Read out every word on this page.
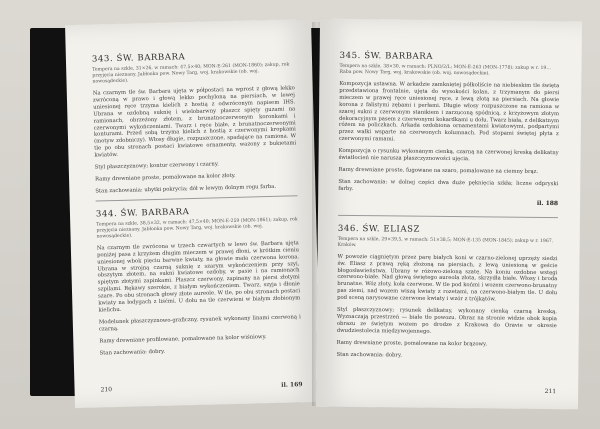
343. ŚW. BARBARA
Tempera na szkle, 31×26, w ramach: 47,5×40; MON-E-261 (MON-1860); zakup, rok przyjęcia nieznany. Jabłonka pow. Nowy Targ, woj. krakowskie (ob. woj. nowosądeckie).
Na czarnym tle św. Barbara ujęta w półpostaci na wprost z głową lekko zwróconą w prawo i głową lekko pochyloną na piersiach, w lewej uniesionej ręce trzyma kielich z hostią z odwróconym napisem IHS. Ubrana w ozdobną suknię i wielobarwny płaszcz spięty guzami na ramionach, obrzeżony złotem, z brunatnoczerwonym koronkami i czerwonymi wykończeniami. Twarz i ręce białe, z brunatnoczerwonymi konturami. Przed sobą trzyma kielich z hostią z czerwonymi kropkami (motyw zdobniczy). Włosy długie, rozpuszczone, spadające na ramiona. W tle po obu stronach postaci kwiatowe ornamenty, wazony z bukietami kwiatów.
Styl płaszczyznowy; kontur czerwony i czarny.
Ramy drewniane proste, pomalowane na kolor złoty.
Stan zachowania: ubytki pokrycia; dół w lewym dolnym rogu farba.
344. ŚW. BARBARA
Tempera na szkle, 38,5×32, w ramach: 47,5×40; MON-E-259 (MON-1861); zakup, rok przyjęcia nieznany. Jabłonka pow. Nowy Targ, woj. krakowskie (ob. woj. nowosądeckie).
Na czarnym tle zwrócona w trzech czwartych w lewo św. Barbara ujęta poniżej pasa z krzyżem długim mieczem w prawej dłoni, w krótkim cieniu uniesionej wbok pięciu barwne kwiaty, na głowie mała czerwona korona. Ubrana w strojną czarną suknię z szarym wykończeniem przy szyi, obszytym złotem, na sukni kwiatowe ozdoby, w pasie i na ramionach spiętym złotymi zapinkami. Płaszcz czerwony, zapinany na piersi złotymi szpilami. Rękawy szerokie, z białym wykończeniem. Twarz, szyja i dłonie szare. Po obu stronach głowy złote aureole. W tle, po obu stronach postaci kwiaty na łodygach z liśćmi. U dołu na tle czerwieni w białym żłobionym kielichu.
Modelunek płaszczyznowo-graficzny, rysunek wykonany linami czerwoną i czarną.
Ramy drewniane profilowane, pomalowane na kolor wiśniowy.
Stan zachowania: dobry.
210
il. 169
345. ŚW. BARBARA
Tempera na szkle, 38×30, w ramach: PLNO/2/L; MON-E-263 (MON-1778); zakup w r. 19… Raba pow. Nowy Targ, woj. krakowskie (ob. woj. nowosądeckie).
Kompozycja ustawna. W arkadzie zamkniętej półkoliście na niebieskim tle święta przedstawiona frontalnie, ujęta do wysokości kolan, z trzymanym do piersi mieczem w prawej ręce uniesionej ręce, z lewą złotą na piersiach. Na głowie korona z falistymi zębami i perłami. Długie włosy rozpuszczone na ramiona w szarej sukni z czerwonym stanikiem i zarzuconą spódnicą, z krzyżowym złotym dekoracyjnym pasem z czerwonymi kokardkami u dołu. Twarz biała, z delikatnym różem na policzkach. Arkada ozdobiona ornamentami kwiatowymi, podpartymi przez wałki wsparte na czerwonych kolumnach. Pod stopami świętej płyta z czerwonymi ramami.
Kompozycja o rysunku wykonanym cienką, czarną na czerwonej kreską delikatny światłocień nie narusza płaszczyznowości ujęcia.
Ramy drewniane proste, fugowane na szaro, pomalowane na ciemny brąz.
Stan zachowania: w dolnej części dwa duże pęknięcia szkła; liczne odpryski farby.
il. 188
346. ŚW. ELIASZ
Tempera na szkle, 29×39,5, w ramach: 51×38,5; MON-E-135 (MON-1845); zakup w r. 1967. Kraków.
W powozie ciągniętym przez parę białych koni w czarno-zielonej uprzęży siedzi św. Eliasz z prawą ręką złożoną na piersiach, z lewą uniesioną w geście błogosławieństwa. Ubrany w różowo-zieloną szatę. Na koniu ozdobne wstęgi czerwono-białe. Nad głową świętego aureola złota, skrzydła białe. Włosy i broda brunatne. Wóz złoty, koła czerwone. W tle pod końmi i wozem czerwono-brunatny pas ziemi, nad wozem wiszą kwiaty z rozetami, na czerwono-białym tle. U dołu pod sceną narysowane czerwone kwiaty i wzór z trójkątów.
Styl płaszczyznowy; rysunek delikatny, wykonany cienką czarną kreską. Wyznaczają przestrzeń — białe tło powozu. Obraz na stronie widzie obok kopia obrazu ze świętym wozem po drodze z Krakowa do Oravie w okresie dwudziestolecia międzywojennego.
Ramy drewniane proste, pomalowane na kolor brązowy.
Stan zachowania: dobry.
211
